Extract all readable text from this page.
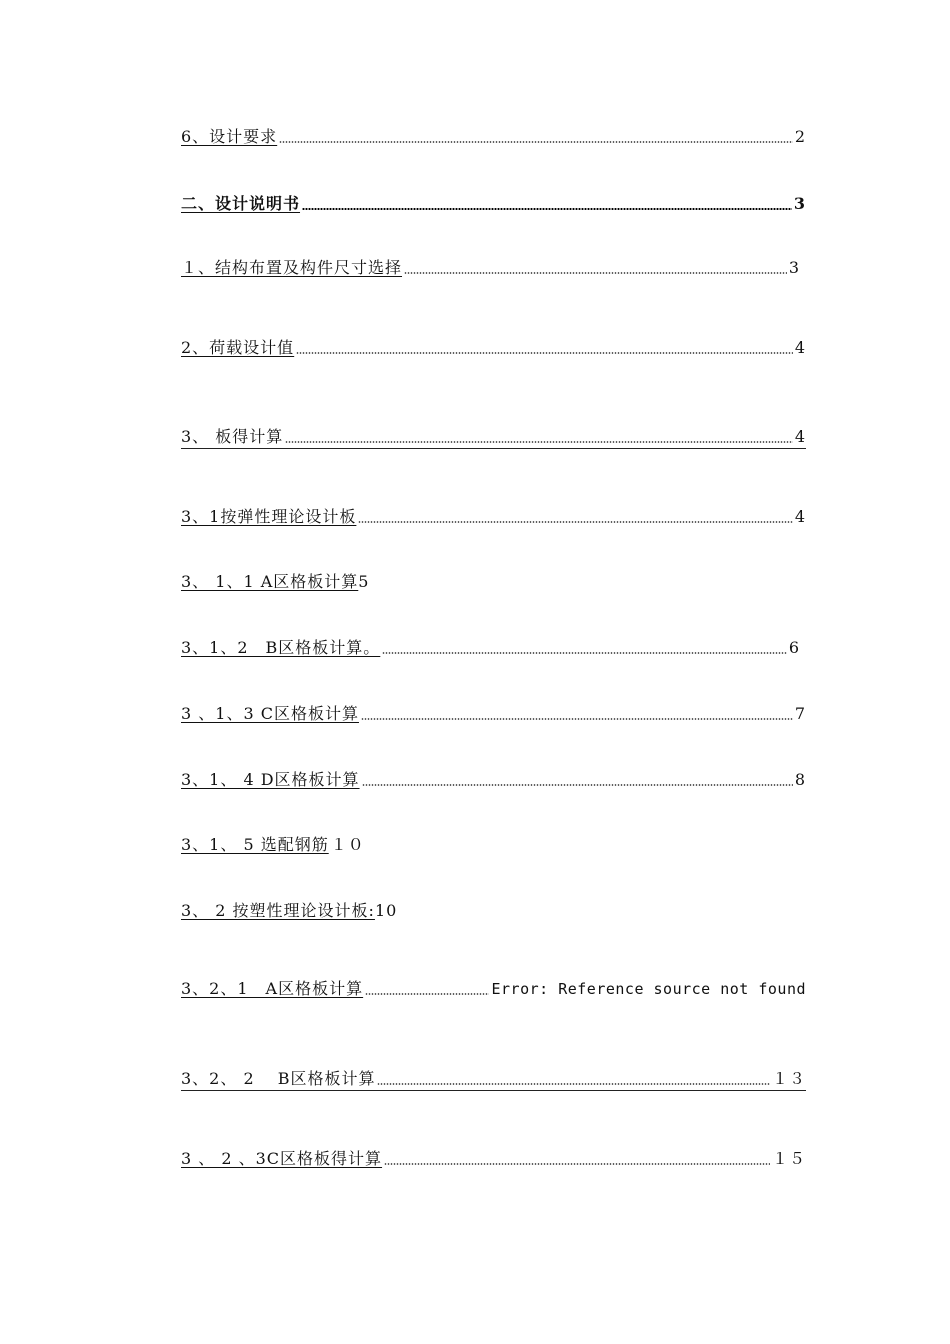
6、设计要求	2
二、设计说明书	3
１、结构布置及构件尺寸选择	3
2、荷载设计值	4
3、 板得计算	4
3、1按弹性理论设计板	4
3、 1、1 A区格板计算 5
3、1、2　B区格板计算。	6
3 、1、3 C区格板计算	7
3、1、 4 D区格板计算	8
3、1、 5 选配钢筋 １０
3、 2 按塑性理论设计板: 10
3、2、1　A区格板计算	Error: Reference source not found
3、2、 2　 B区格板计算	１３
3 、 2 、3C区格板得计算	１５
